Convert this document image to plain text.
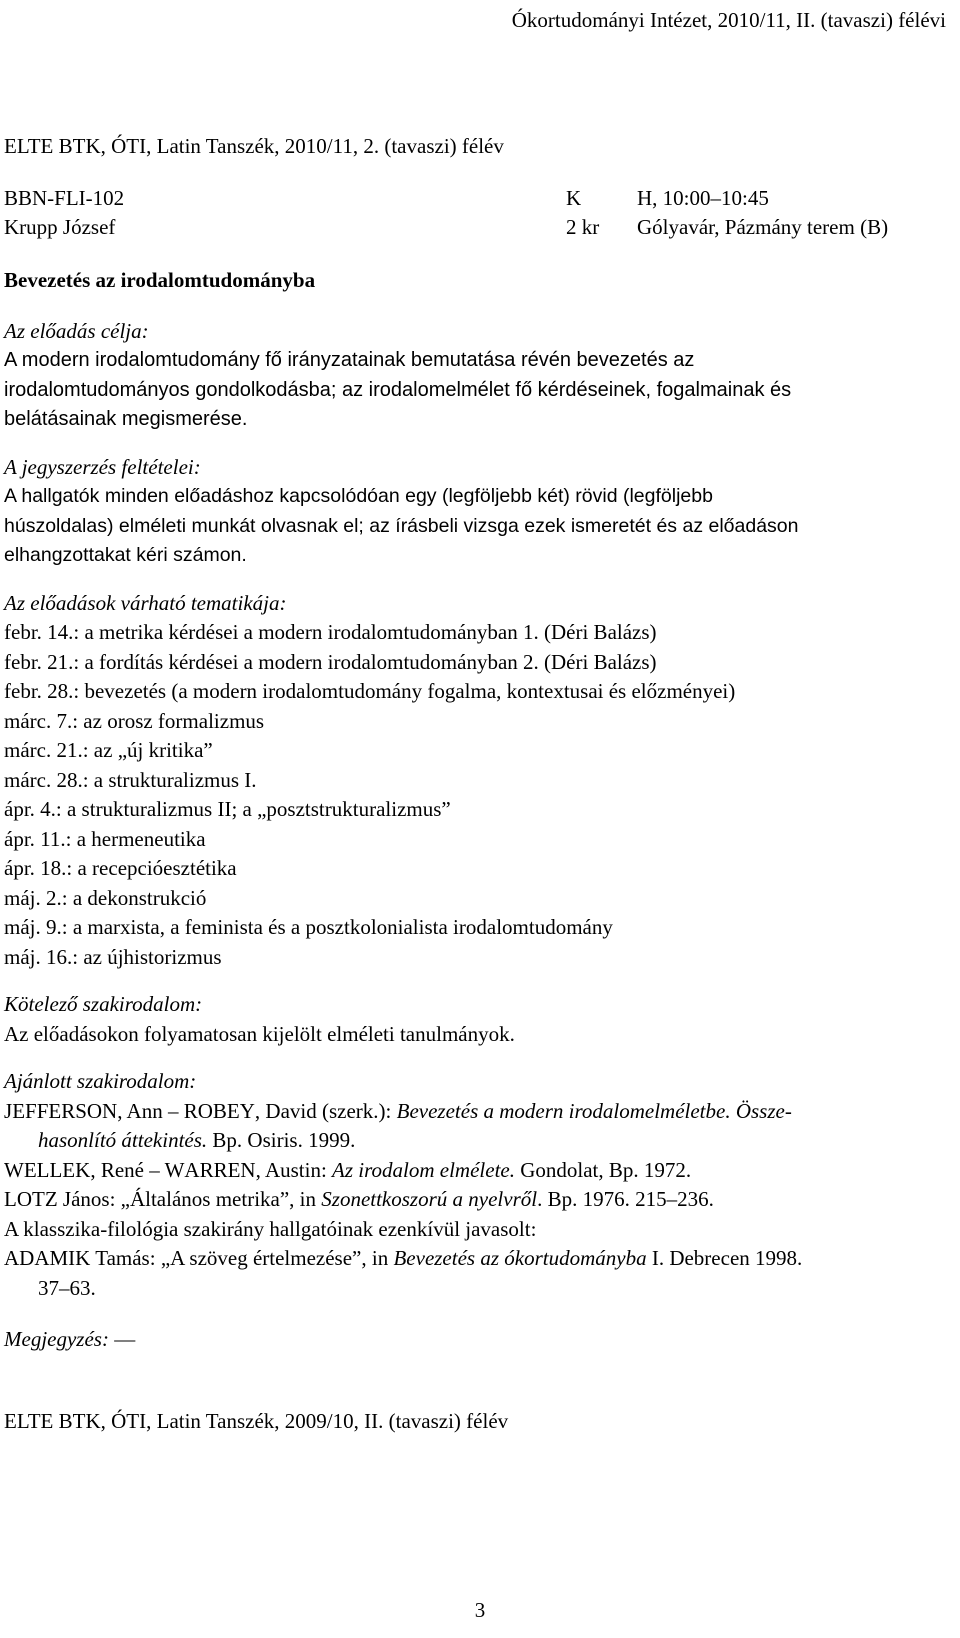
Ókortudományi Intézet, 2010/11, II. (tavaszi) félévi
ELTE BTK, ÓTI, Latin Tanszék, 2010/11, 2. (tavaszi) félév
BBN-FLI-102	K	H, 10:00–10:45
Krupp József	2 kr Gólyavár, Pázmány terem (B)
Bevezetés az irodalomtudományba
Az előadás célja:
A modern irodalomtudomány fő irányzatainak bemutatása révén bevezetés az
irodalomtudományos gondolkodásba; az irodalomelmélet fő kérdéseinek, fogalmainak és
belátásainak megismerése.
A jegyszerzés feltételei:
A hallgatók minden előadáshoz kapcsolódóan egy (legföljebb két) rövid (legföljebb
húszoldalas) elméleti munkát olvasnak el; az írásbeli vizsga ezek ismeretét és az előadáson
elhangzottakat kéri számon.
Az előadások várható tematikája:
febr. 14.: a metrika kérdései a modern irodalomtudományban 1. (Déri Balázs)
febr. 21.: a fordítás kérdései a modern irodalomtudományban 2. (Déri Balázs)
febr. 28.: bevezetés (a modern irodalomtudomány fogalma, kontextusai és előzményei)
márc. 7.: az orosz formalizmus
márc. 21.: az „új kritika”
márc. 28.: a strukturalizmus I.
ápr. 4.: a strukturalizmus II; a „posztstrukturalizmus”
ápr. 11.: a hermeneutika
ápr. 18.: a recepcióesztétika
máj. 2.: a dekonstrukció
máj. 9.: a marxista, a feminista és a posztkolonialista irodalomtudomány
máj. 16.: az újhistorizmus
Kötelező szakirodalom:
Az előadásokon folyamatosan kijelölt elméleti tanulmányok.
Ajánlott szakirodalom:
JEFFERSON, Ann – ROBEY, David (szerk.): Bevezetés a modern irodalomelméletbe. Össze-
hasonlító áttekintés. Bp. Osiris. 1999.
WELLEK, René – WARREN, Austin: Az irodalom elmélete. Gondolat, Bp. 1972.
LOTZ János: „Általános metrika”, in Szonettkoszorú a nyelvről. Bp. 1976. 215–236.
A klasszika-filológia szakirány hallgatóinak ezenkívül javasolt:
ADAMIK Tamás: „A szöveg értelmezése”, in Bevezetés az ókortudományba I. Debrecen 1998.
37–63.
Megjegyzés: —
ELTE BTK, ÓTI, Latin Tanszék, 2009/10, II. (tavaszi) félév
3
